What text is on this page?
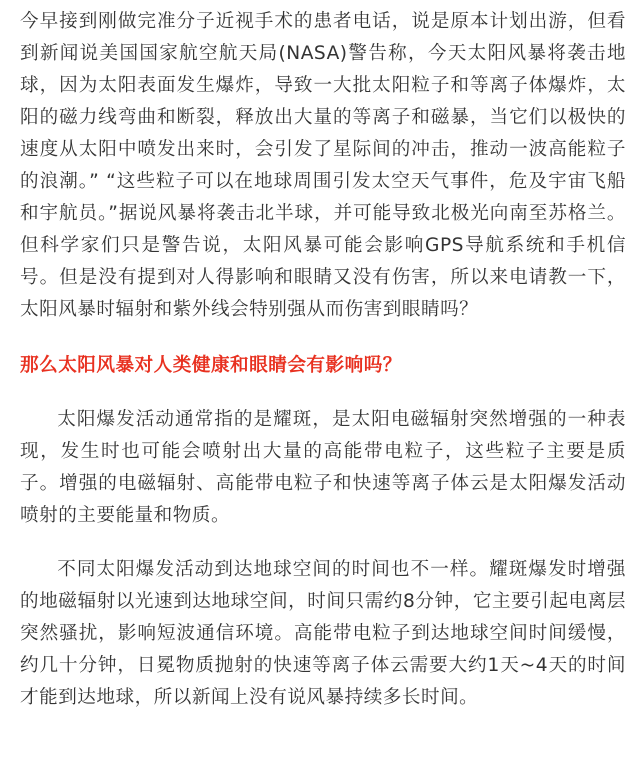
今早接到刚做完准分子近视手术的患者电话，说是原本计划出游，但看到新闻说美国国家航空航天局(NASA)警告称，今天太阳风暴将袭击地球，因为太阳表面发生爆炸，导致一大批太阳粒子和等离子体爆炸，太阳的磁力线弯曲和断裂，释放出大量的等离子和磁暴，当它们以极快的速度从太阳中喷发出来时，会引发了星际间的冲击，推动一波高能粒子的浪潮。” “这些粒子可以在地球周围引发太空天气事件，危及宇宙飞船和宇航员。”据说风暴将袭击北半球，并可能导致北极光向南至苏格兰。但科学家们只是警告说，太阳风暴可能会影响GPS导航系统和手机信号。但是没有提到对人得影响和眼睛又没有伤害，所以来电请教一下，太阳风暴时辐射和紫外线会特别强从而伤害到眼睛吗？

那么太阳风暴对人类健康和眼睛会有影响吗？

太阳爆发活动通常指的是耀斑，是太阳电磁辐射突然增强的一种表现，发生时也可能会喷射出大量的高能带电粒子，这些粒子主要是质子。增强的电磁辐射、高能带电粒子和快速等离子体云是太阳爆发活动喷射的主要能量和物质。

不同太阳爆发活动到达地球空间的时间也不一样。耀斑爆发时增强的地磁辐射以光速到达地球空间，时间只需约8分钟，它主要引起电离层突然骚扰，影响短波通信环境。高能带电粒子到达地球空间时间缓慢，约几十分钟，日冕物质抛射的快速等离子体云需要大约1天~4天的时间才能到达地球，所以新闻上没有说风暴持续多长时间。
